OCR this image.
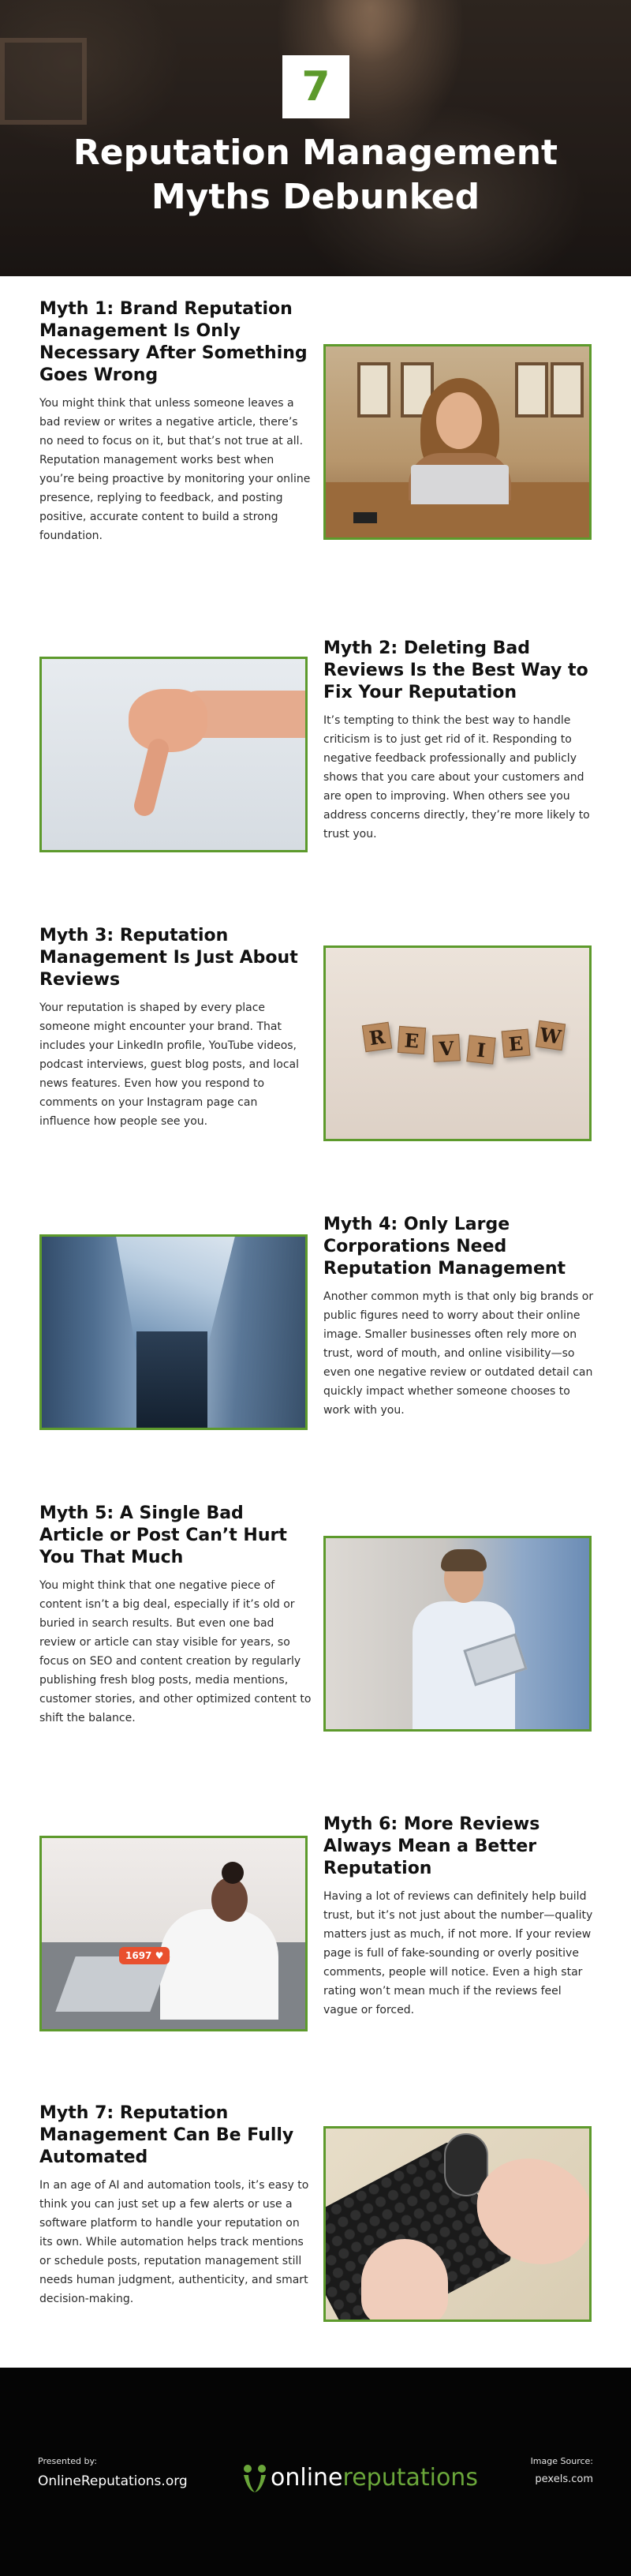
7
Reputation Management
Myths Debunked
Myth 1: Brand Reputation Management Is Only Necessary After Something Goes Wrong

You might think that unless someone leaves a bad review or writes a negative article, there’s no need to focus on it, but that’s not true at all. Reputation management works best when you’re being proactive by monitoring your online presence, replying to feedback, and posting positive, accurate content to build a strong foundation.

Myth 2: Deleting Bad Reviews Is the Best Way to Fix Your Reputation

It’s tempting to think the best way to handle criticism is to just get rid of it. Responding to negative feedback professionally and publicly shows that you care about your customers and are open to improving. When others see you address concerns directly, they’re more likely to trust you.

Myth 3: Reputation Management Is Just About Reviews

Your reputation is shaped by every place someone might encounter your brand. That includes your LinkedIn profile, YouTube videos, podcast interviews, guest blog posts, and local news features. Even how you respond to comments on your Instagram page can influence how people see you.

R E V	I	E W
Myth 4: Only Large Corporations Need Reputation Management

Another common myth is that only big brands or public figures need to worry about their online image. Smaller businesses often rely more on trust, word of mouth, and online visibility—so even one negative review or outdated detail can quickly impact whether someone chooses to work with you.

Myth 5: A Single Bad Article or Post Can’t Hurt You That Much

You might think that one negative piece of content isn’t a big deal, especially if it’s old or buried in search results. But even one bad review or article can stay visible for years, so focus on SEO and content creation by regularly publishing fresh blog posts, media mentions, customer stories, and other optimized content to shift the balance.

1697 ♥
Myth 6: More Reviews Always Mean a Better Reputation

Having a lot of reviews can definitely help build trust, but it’s not just about the number—quality matters just as much, if not more. If your review page is full of fake-sounding or overly positive comments, people will notice. Even a high star rating won’t mean much if the reviews feel vague or forced.

Myth 7: Reputation Management Can Be Fully Automated

In an age of AI and automation tools, it’s easy to think you can just set up a few alerts or use a software platform to handle your reputation on its own. While automation helps track mentions or schedule posts, reputation management still needs human judgment, authenticity, and smart decision-making.

Presented by:
OnlineReputations.org	onlinereputations
Image Source:
pexels.com
